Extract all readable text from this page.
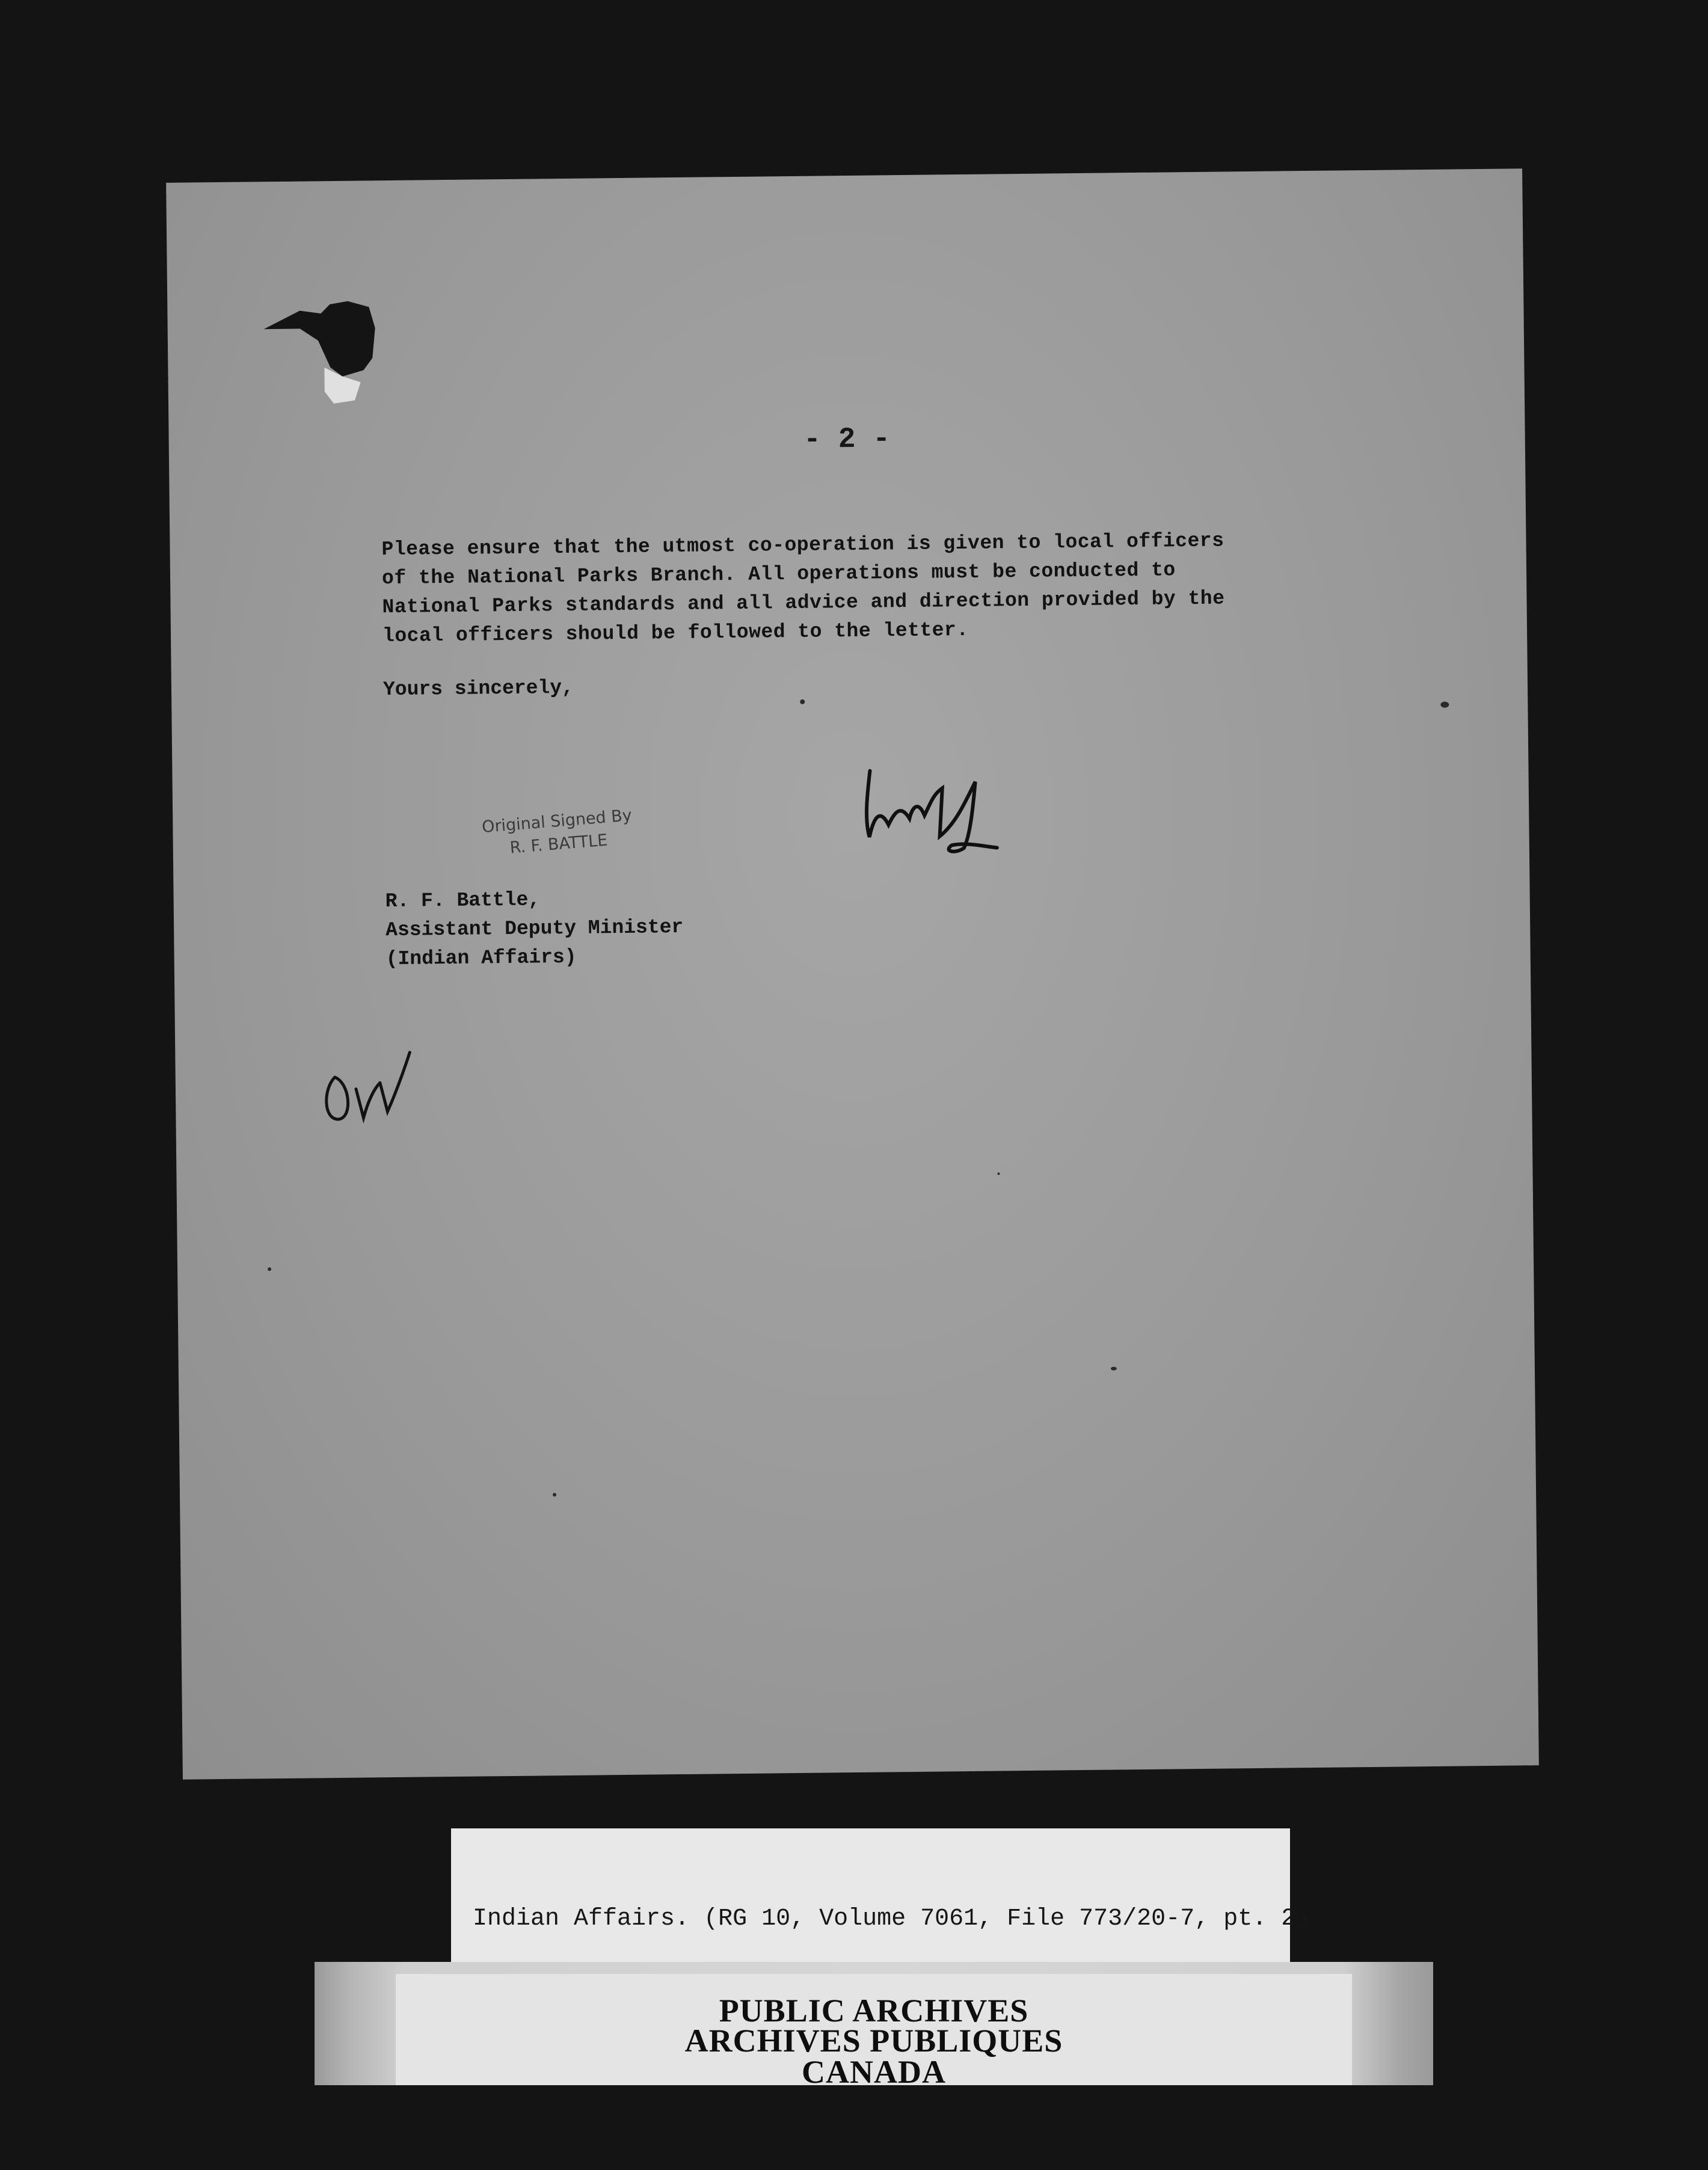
- 2 -
Please ensure that the utmost co-operation is given to local officers
of the National Parks Branch. All operations must be conducted to
National Parks standards and all advice and direction provided by the
local officers should be followed to the letter.
Yours sincerely,
Original Signed By
R. F. BATTLE
R. F. Battle,
Assistant Deputy Minister
(Indian Affairs)
Indian Affairs. (RG 10, Volume 7061, File 773/20-7, pt. 2)
PUBLIC ARCHIVES
ARCHIVES PUBLIQUES
CANADA
